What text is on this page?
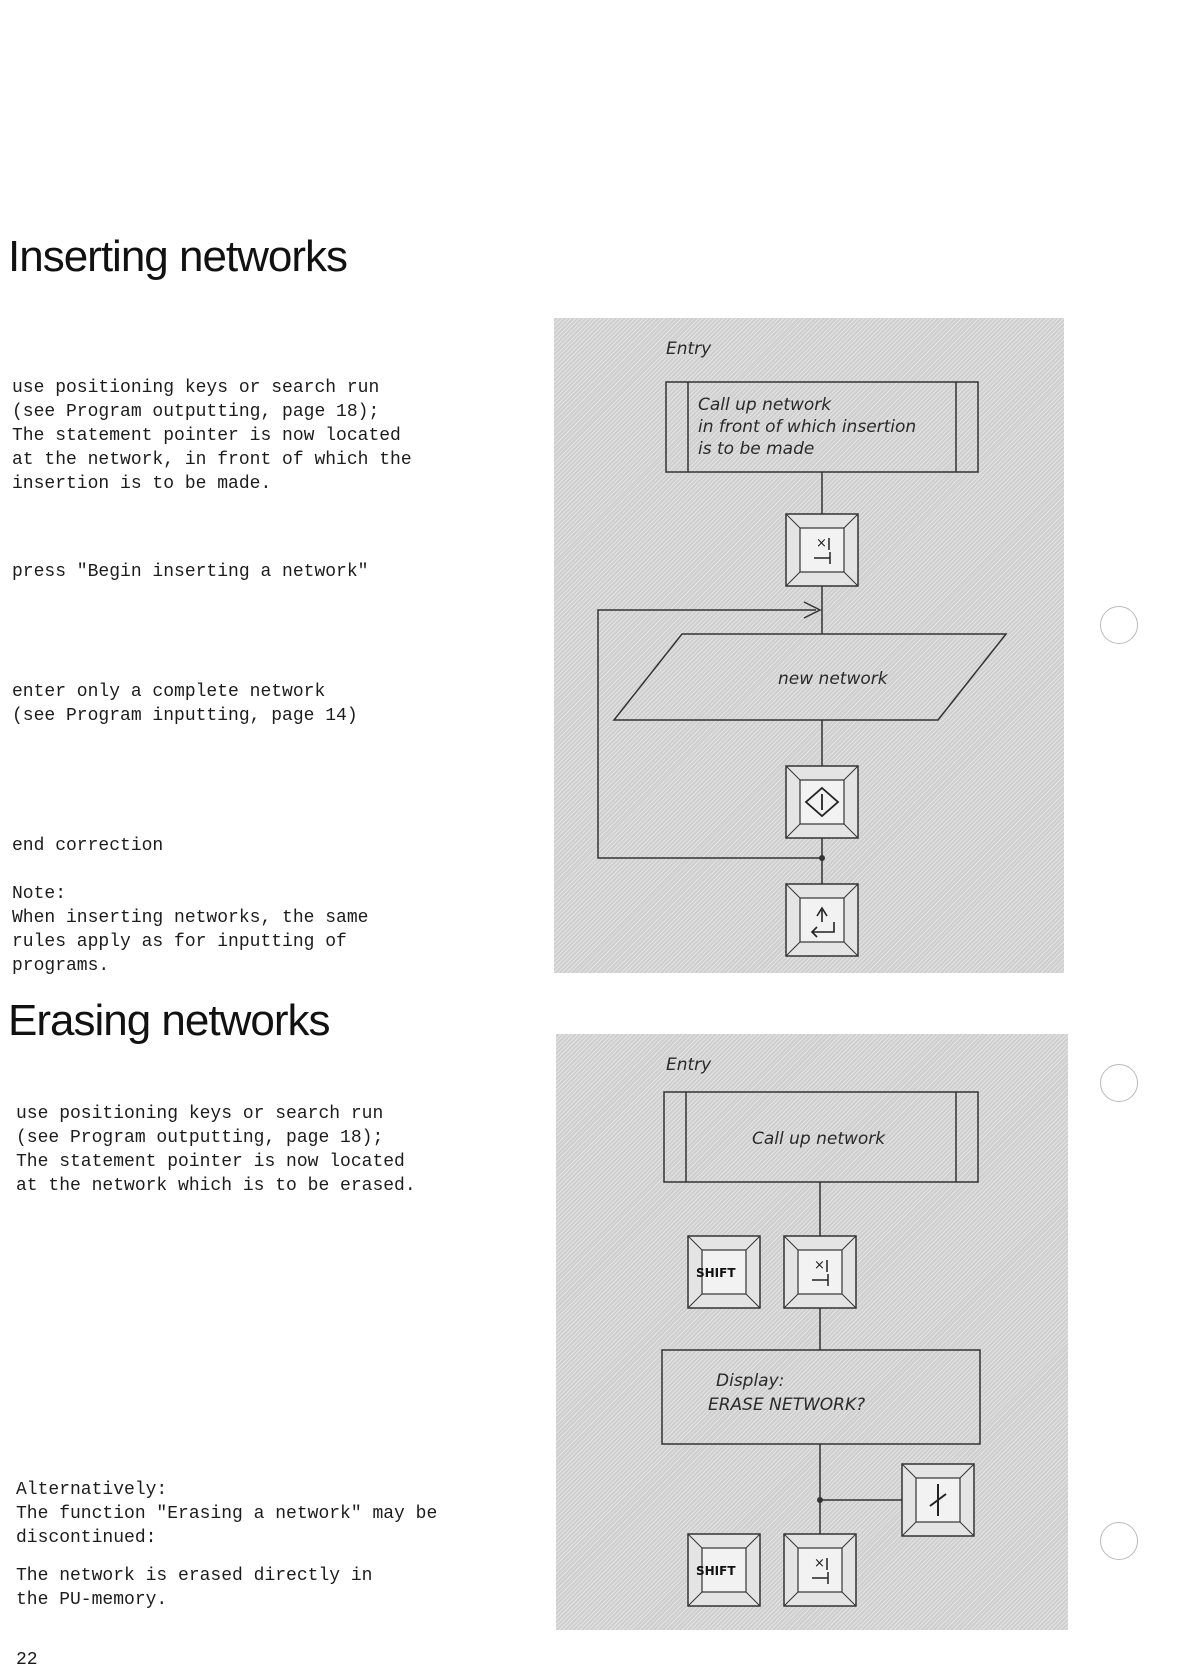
Inserting networks

use positioning keys or search run
(see Program outputting, page 18);
The statement pointer is now located
at the network, in front of which the
insertion is to be made.

press "Begin inserting a network"

enter only a complete network
(see Program inputting, page 14)

end correction

Note:
When inserting networks, the same
rules apply as for inputting of
programs.

Entry
Call up network
in front of which insertion
is to be made
×
new network
Erasing networks

use positioning keys or search run
(see Program outputting, page 18);
The statement pointer is now located
at the network which is to be erased.

Alternatively:
The function "Erasing a network" may be
discontinued:

The network is erased directly in
the PU-memory.

Entry
Call up network
SHIFT	×
Display:
ERASE NETWORK?
SHIFT	×
22
